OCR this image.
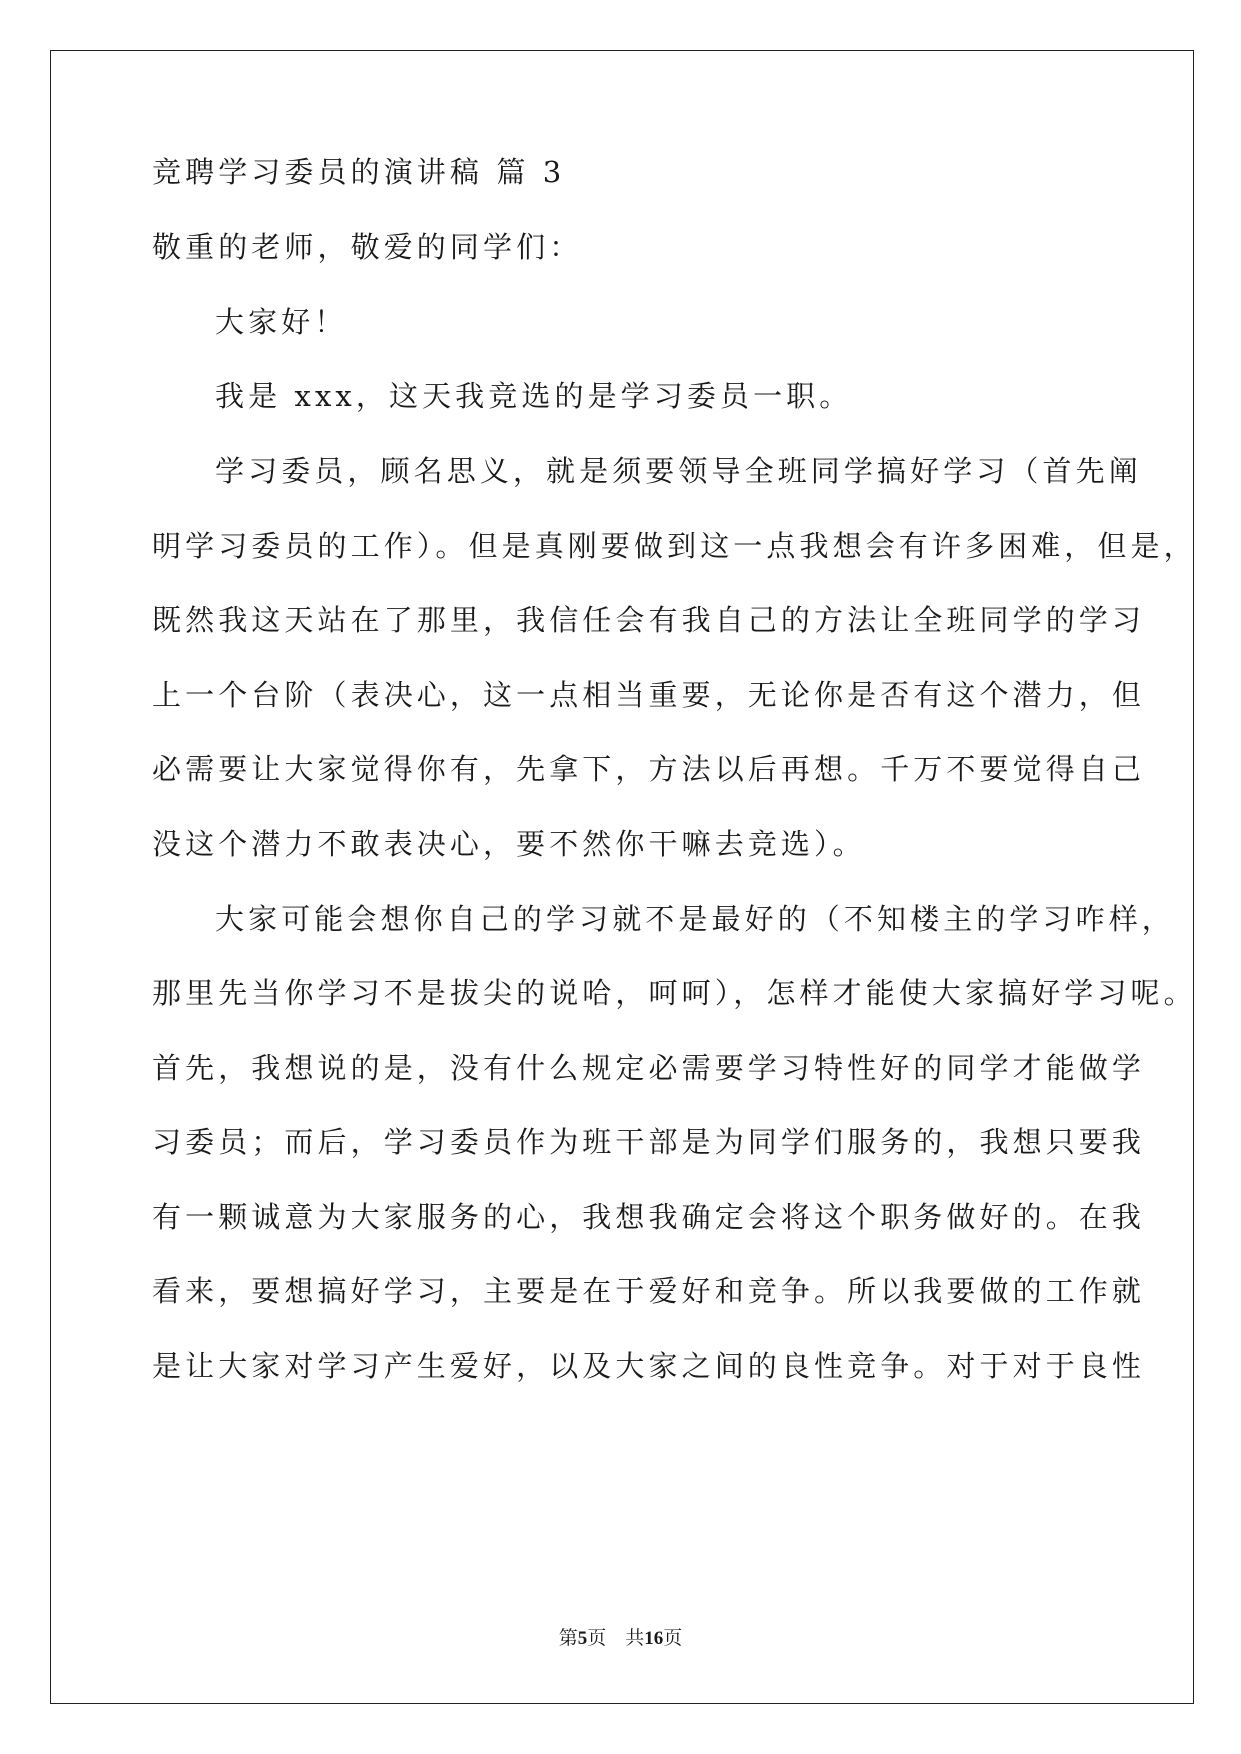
竞聘学习委员的演讲稿 篇 3
敬重的老师，敬爱的同学们：
大家好！
我是 xxx，这天我竞选的是学习委员一职。
学习委员，顾名思义，就是须要领导全班同学搞好学习（首先阐
明学习委员的工作）。但是真刚要做到这一点我想会有许多困难，但是，
既然我这天站在了那里，我信任会有我自己的方法让全班同学的学习
上一个台阶（表决心，这一点相当重要，无论你是否有这个潜力，但
必需要让大家觉得你有，先拿下，方法以后再想。千万不要觉得自己
没这个潜力不敢表决心，要不然你干嘛去竞选）。
大家可能会想你自己的学习就不是最好的（不知楼主的学习咋样，
那里先当你学习不是拔尖的说哈，呵呵），怎样才能使大家搞好学习呢。
首先，我想说的是，没有什么规定必需要学习特性好的同学才能做学
习委员；而后，学习委员作为班干部是为同学们服务的，我想只要我
有一颗诚意为大家服务的心，我想我确定会将这个职务做好的。在我
看来，要想搞好学习，主要是在于爱好和竞争。所以我要做的工作就
是让大家对学习产生爱好，以及大家之间的良性竞争。对于对于良性
第5页　共16页
